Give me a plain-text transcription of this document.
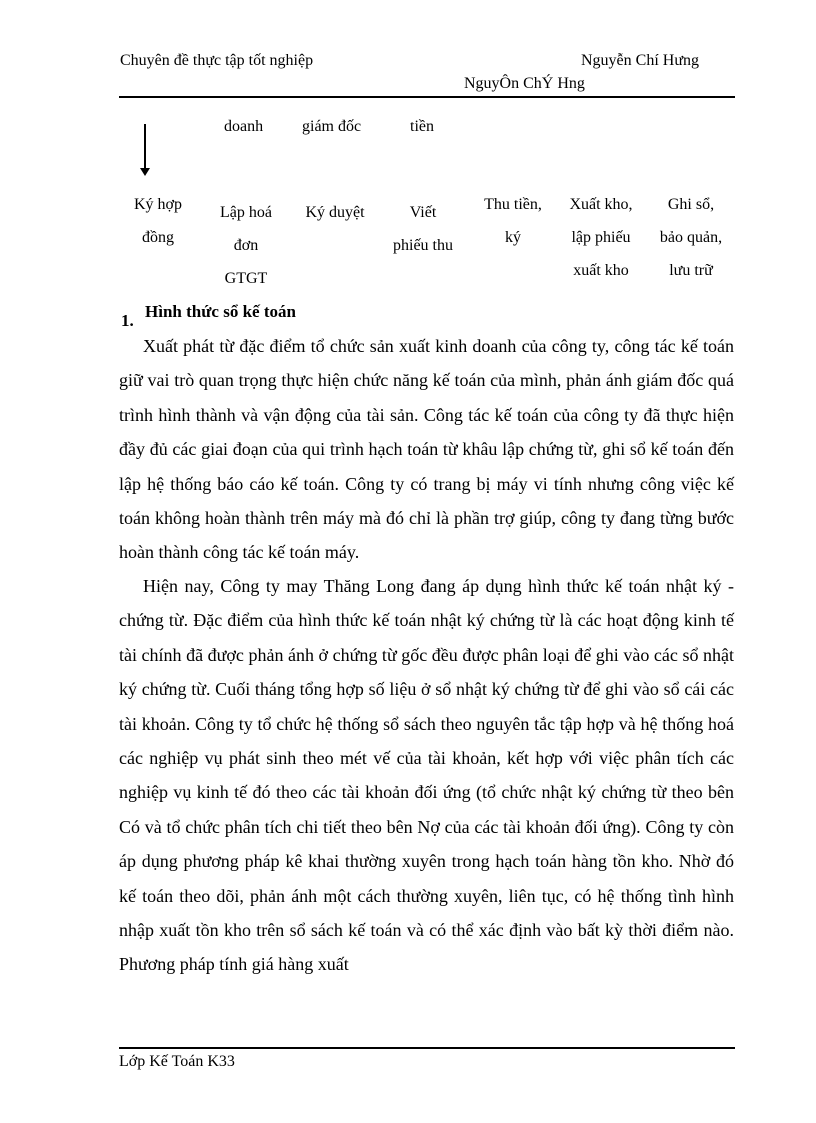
Chuyên đề thực tập tốt nghiệp	Nguyễn Chí Hưng
NguyÔn ChÝ Hng
doanh giám đốc	tiền
Ký hợp
đồng
Lập hoá
đơn
GTGT
Ký duyệt	Viết
phiếu thu
Thu tiền,
ký
Xuất kho,
lập phiếu
xuất kho
Ghi sổ,
bảo quản,
lưu trữ
1. Hình thức sổ kế toán

Xuất phát từ đặc điểm tổ chức sản xuất kinh doanh của công ty, công tác kế toán giữ vai trò quan trọng thực hiện chức năng kế toán của mình, phản ánh giám đốc quá trình hình thành và vận động của tài sản. Công tác kế toán của công ty đã thực hiện đầy đủ các giai đoạn của qui trình hạch toán từ khâu lập chứng từ, ghi sổ kế toán đến lập hệ thống báo cáo kế toán. Công ty có trang bị máy vi tính nhưng công việc kế toán không hoàn thành trên máy mà đó chỉ là phần trợ giúp, công ty đang từng bước hoàn thành công tác kế toán máy.

Hiện nay, Công ty may Thăng Long đang áp dụng hình thức kế toán nhật ký - chứng từ. Đặc điểm của hình thức kế toán nhật ký chứng từ là các hoạt động kinh tế tài chính đã được phản ánh ở chứng từ gốc đều được phân loại để ghi vào các sổ nhật ký chứng từ. Cuối tháng tổng hợp số liệu ở sổ nhật ký chứng từ để ghi vào sổ cái các tài khoản. Công ty tổ chức hệ thống sổ sách theo nguyên tắc tập hợp và hệ thống hoá các nghiệp vụ phát sinh theo mét vế của tài khoản, kết hợp với việc phân tích các nghiệp vụ kinh tế đó theo các tài khoản đối ứng (tổ chức nhật ký chứng từ theo bên Có và tổ chức phân tích chi tiết theo bên Nợ của các tài khoản đối ứng). Công ty còn áp dụng phương pháp kê khai thường xuyên trong hạch toán hàng tồn kho. Nhờ đó kế toán theo dõi, phản ánh một cách thường xuyên, liên tục, có hệ thống tình hình nhập xuất tồn kho trên sổ sách kế toán và có thể xác định vào bất kỳ thời điểm nào. Phương pháp tính giá hàng xuất

Lớp Kế Toán K33
